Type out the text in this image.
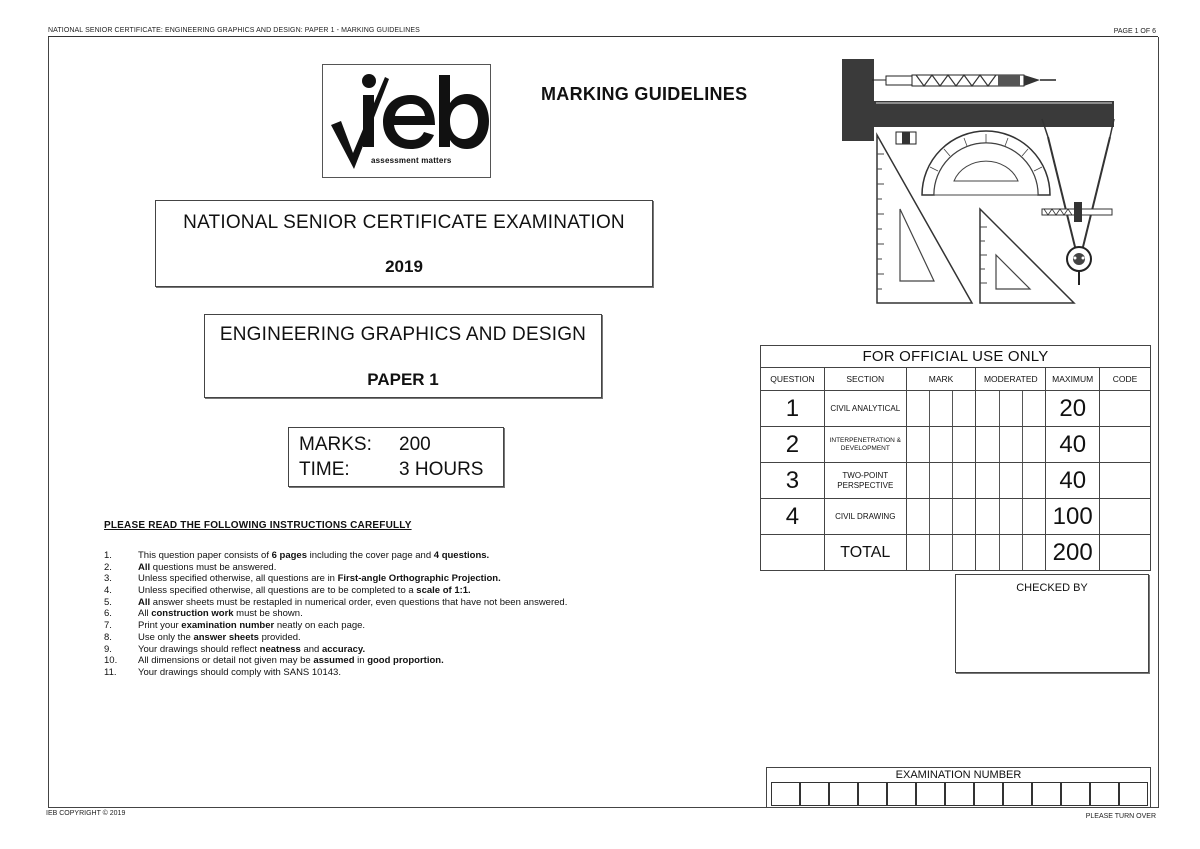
NATIONAL SENIOR CERTIFICATE: ENGINEERING GRAPHICS AND DESIGN: PAPER 1 - MARKING GUIDELINES	PAGE 1 OF 6
IEB COPYRIGHT © 2019	PLEASE TURN OVER
assessment matters
MARKING GUIDELINES
NATIONAL SENIOR CERTIFICATE EXAMINATION
2019
ENGINEERING GRAPHICS AND DESIGN
PAPER 1
MARKS: 200
TIME:	3 HOURS
PLEASE READ THE FOLLOWING INSTRUCTIONS CAREFULLY
1.	This question paper consists of 6 pages including the cover page and 4 questions.
2.	All questions must be answered.
3.	Unless specified otherwise, all questions are in First-angle Orthographic Projection.
4.	Unless specified otherwise, all questions are to be completed to a scale of 1:1.
5.	All answer sheets must be restapled in numerical order, even questions that have not been answered.
6.	All construction work must be shown.
7.	Print your examination number neatly on each page.
8.	Use only the answer sheets provided.
9.	Your drawings should reflect neatness and accuracy.
10. All dimensions or detail not given may be assumed in good proportion.
11. Your drawings should comply with SANS 10143.
FOR OFFICIAL USE ONLY					
QUESTION	SECTION	MARK	MODERATED	MAXIMUM	CODE
1	CIVIL ANALYTICAL			20	
2	INTERPENETRATION & DEVELOPMENT			40	
3	TWO-POINT PERSPECTIVE			40	
4	CIVIL DRAWING			100	
	TOTAL			200	
CHECKED BY
EXAMINATION NUMBER
